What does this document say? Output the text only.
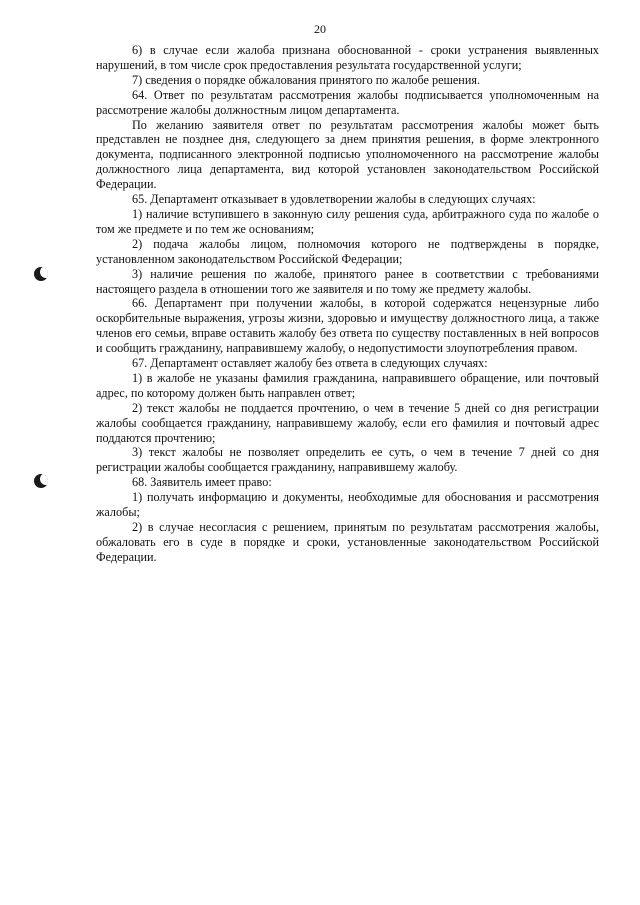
20

6) в случае если жалоба признана обоснованной - сроки устранения выявленных нарушений, в том числе срок предоставления результата государственной услуги;

7) сведения о порядке обжалования принятого по жалобе решения.

64. Ответ по результатам рассмотрения жалобы подписывается уполномоченным на рассмотрение жалобы должностным лицом департамента.

По желанию заявителя ответ по результатам рассмотрения жалобы может быть представлен не позднее дня, следующего за днем принятия решения, в форме электронного документа, подписанного электронной подписью уполномоченного на рассмотрение жалобы должностного лица департамента, вид которой установлен законодательством Российской Федерации.

65. Департамент отказывает в удовлетворении жалобы в следующих случаях:

1) наличие вступившего в законную силу решения суда, арбитражного суда по жалобе о том же предмете и по тем же основаниям;

2) подача жалобы лицом, полномочия которого не подтверждены в порядке, установленном законодательством Российской Федерации;

3) наличие решения по жалобе, принятого ранее в соответствии с требованиями настоящего раздела в отношении того же заявителя и по тому же предмету жалобы.

66. Департамент при получении жалобы, в которой содержатся нецензурные либо оскорбительные выражения, угрозы жизни, здоровью и имуществу должностного лица, а также членов его семьи, вправе оставить жалобу без ответа по существу поставленных в ней вопросов и сообщить гражданину, направившему жалобу, о недопустимости злоупотребления правом.

67. Департамент оставляет жалобу без ответа в следующих случаях:

1) в жалобе не указаны фамилия гражданина, направившего обращение, или почтовый адрес, по которому должен быть направлен ответ;

2) текст жалобы не поддается прочтению, о чем в течение 5 дней со дня регистрации жалобы сообщается гражданину, направившему жалобу, если его фамилия и почтовый адрес поддаются прочтению;

3) текст жалобы не позволяет определить ее суть, о чем в течение 7 дней со дня регистрации жалобы сообщается гражданину, направившему жалобу.

68. Заявитель имеет право:

1) получать информацию и документы, необходимые для обоснования и рассмотрения жалобы;

2) в случае несогласия с решением, принятым по результатам рассмотрения жалобы, обжаловать его в суде в порядке и сроки, установленные законодательством Российской Федерации.
